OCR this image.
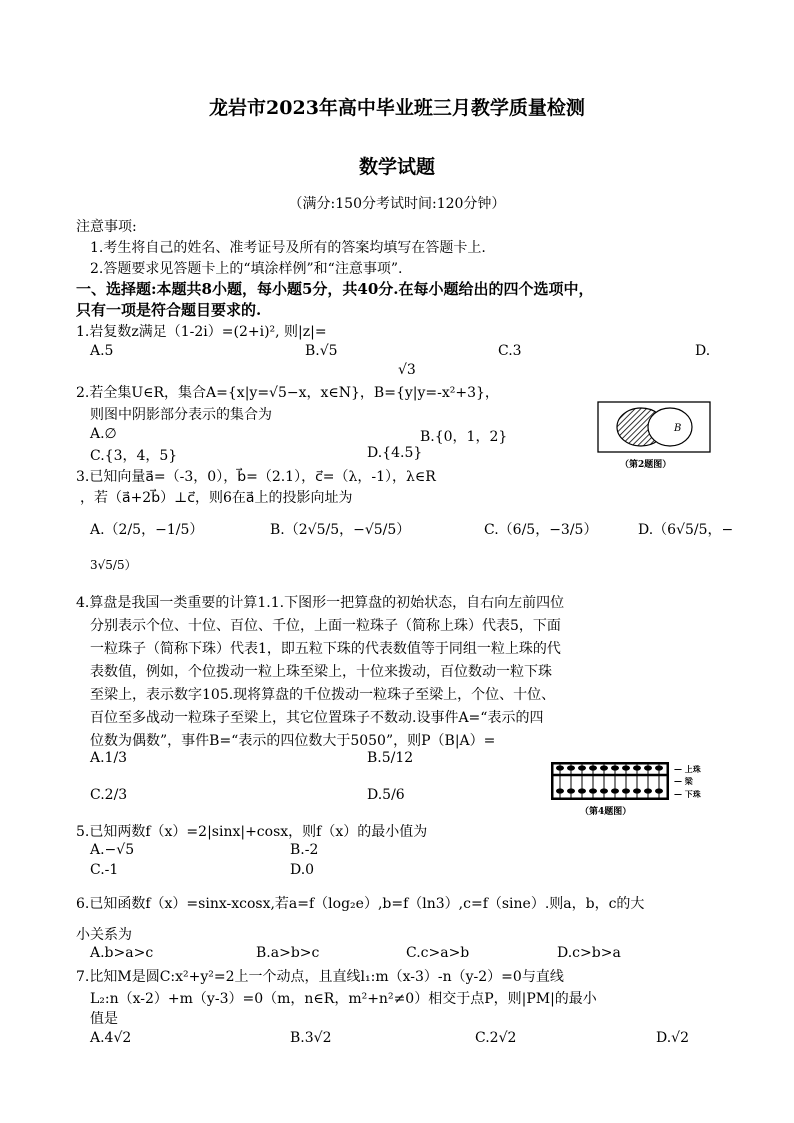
龙岩市2023年高中毕业班三月教学质量检测
数学试题
（满分:150分考试时间:120分钟）
注意事项:
1.考生将自己的姓名、准考证号及所有的答案均填写在答题卡上.
2.答题要求见答题卡上的“填涂样例”和“注意事项”.
一、选择题:本题共8小题，每小题5分，共40分.在每小题给出的四个选项中，
只有一项是符合题目要求的.
1.岩复数z满足（1-2i）=(2+i)², 则|z|=
A.5	B.√5	C.3	D.
√3
2.若全集U∈R，集合A={x|y=√5−x，x∈N}，B={y|y=-x²+3}，
则图中阴影部分表示的集合为
A.∅	B.{0，1，2}
C.{3，4，5}	D.{4.5}
B
（第2题图）
3.已知向量a⃗=（-3，0），b⃗=（2.1），c⃗=（λ，-1），λ∈R
，若（a⃗+2b⃗）⊥c⃗，则6在a⃗上的投影向址为
A.（2/5，−1/5）	B.（2√5/5，−√5/5）	C.（6/5，−3/5）	D.（6√5/5，−
3√5/5）
4.算盘是我国一类重要的计算1.1.下图形一把算盘的初始状态，自右向左前四位
分别表示个位、十位、百位、千位，上面一粒珠子（简称上珠）代表5，下面
一粒珠子（简称下珠）代表1，即五粒下珠的代表数值等于同组一粒上珠的代
表数值，例如，个位拨动一粒上珠至梁上，十位来拨动，百位数动一粒下珠
至梁上，表示数字105.现将算盘的千位拨动一粒珠子至梁上，个位、十位、
百位至多战动一粒珠子至梁上，其它位置珠子不数动.设事件A=“表示的四
位数为偶数”，事件B=“表示的四位数大于5050”，则P（B|A）=
A.1/3	B.5/12
C.2/3	D.5/6
— 上珠
— 梁
— 下珠
（第4题图）
5.已知两数f（x）=2|sinx|+cosx，则f（x）的最小值为
A.−√5	B.-2
C.-1	D.0
6.已知函数f（x）=sinx-xcosx,若a=f（log₂e）,b=f（ln3）,c=f（sine）.则a，b，c的大
小关系为
A.b>a>c	B.a>b>c	C.c>a>b	D.c>b>a
7.比知M是圆C:x²+y²=2上一个动点，且直线l₁:m（x-3）-n（y-2）=0与直线
L₂:n（x-2）+m（y-3）=0（m，n∈R，m²+n²≠0）相交于点P，则|PM|的最小
值是
A.4√2	B.3√2	C.2√2	D.√2
